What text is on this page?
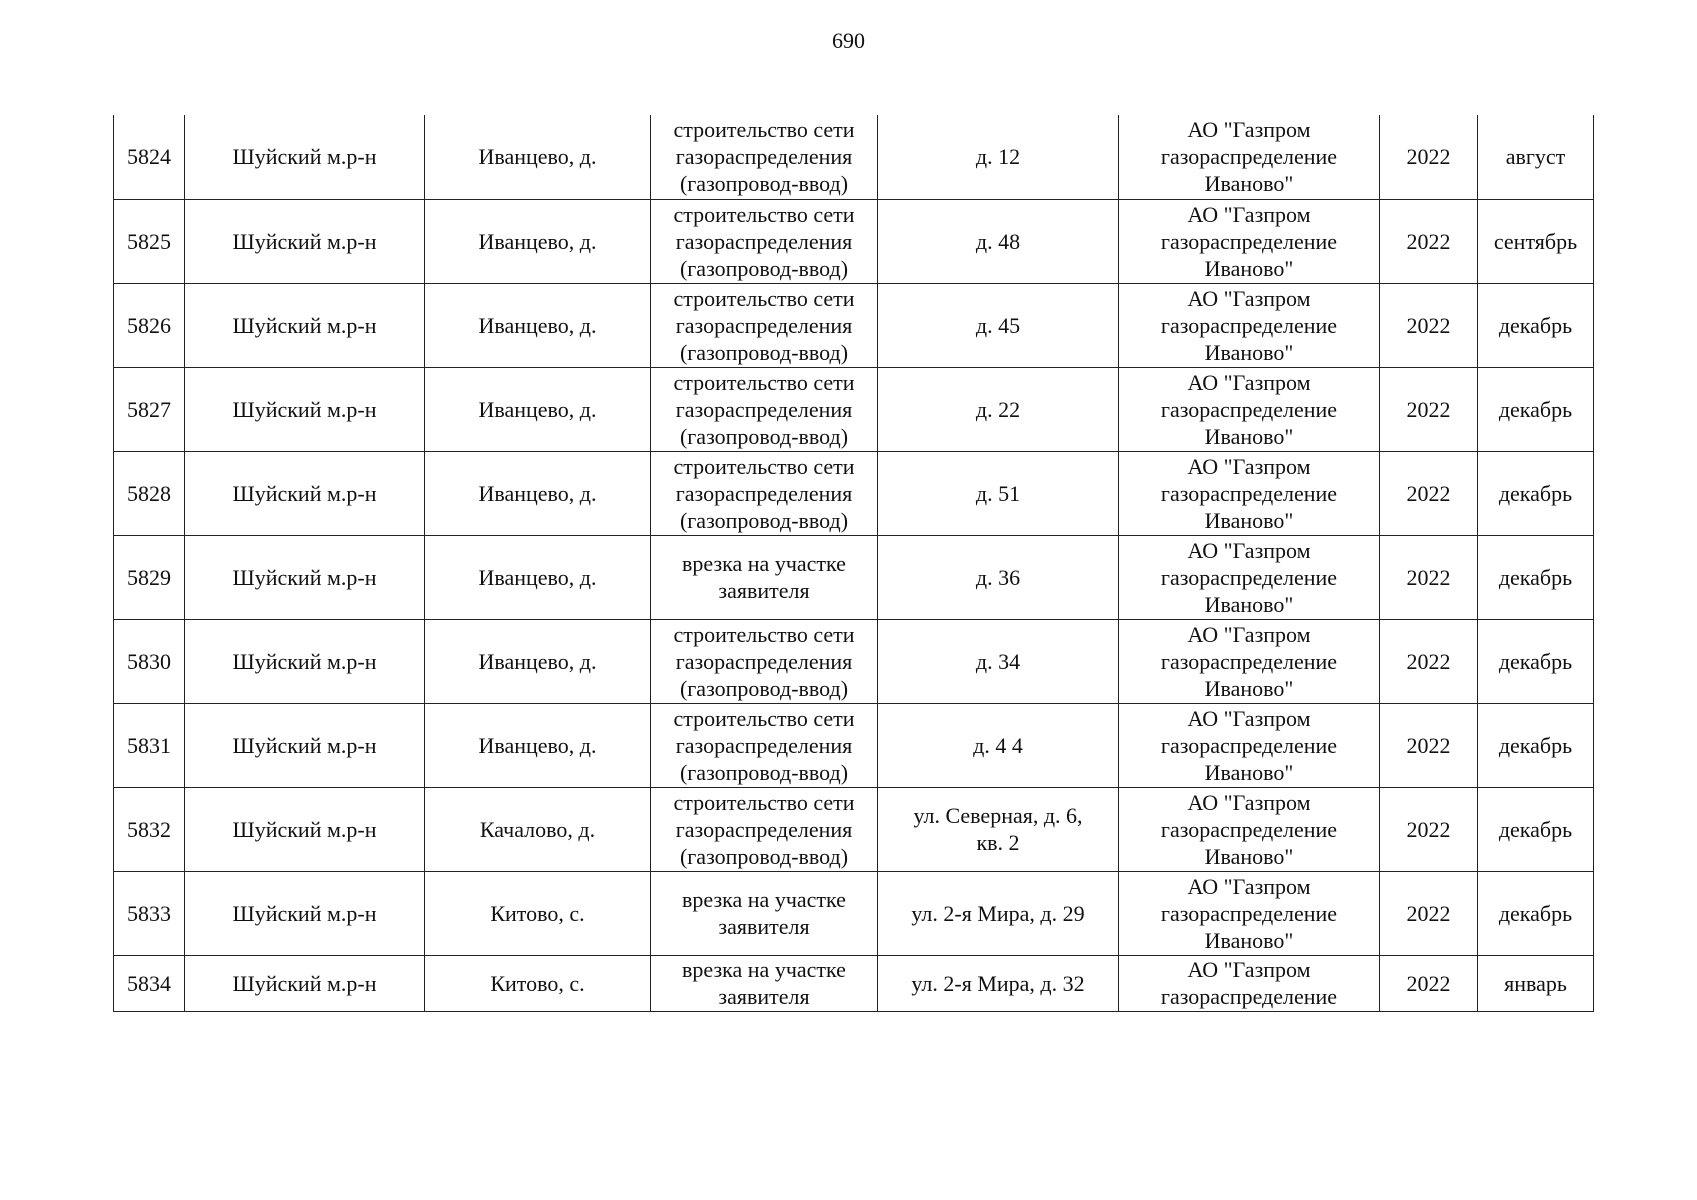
690
5824	Шуйский м.р-н	Иванцево, д.	строительство сети
газораспределения
(газопровод-ввод)	д. 12	АО "Газпром
газораспределение
Иваново"	2022	август
5825	Шуйский м.р-н	Иванцево, д.	строительство сети
газораспределения
(газопровод-ввод)	д. 48	АО "Газпром
газораспределение
Иваново"	2022	сентябрь
5826	Шуйский м.р-н	Иванцево, д.	строительство сети
газораспределения
(газопровод-ввод)	д. 45	АО "Газпром
газораспределение
Иваново"	2022	декабрь
5827	Шуйский м.р-н	Иванцево, д.	строительство сети
газораспределения
(газопровод-ввод)	д. 22	АО "Газпром
газораспределение
Иваново"	2022	декабрь
5828	Шуйский м.р-н	Иванцево, д.	строительство сети
газораспределения
(газопровод-ввод)	д. 51	АО "Газпром
газораспределение
Иваново"	2022	декабрь
5829	Шуйский м.р-н	Иванцево, д.	врезка на участке
заявителя	д. 36	АО "Газпром
газораспределение
Иваново"	2022	декабрь
5830	Шуйский м.р-н	Иванцево, д.	строительство сети
газораспределения
(газопровод-ввод)	д. 34	АО "Газпром
газораспределение
Иваново"	2022	декабрь
5831	Шуйский м.р-н	Иванцево, д.	строительство сети
газораспределения
(газопровод-ввод)	д. 4 4	АО "Газпром
газораспределение
Иваново"	2022	декабрь
5832	Шуйский м.р-н	Качалово, д.	строительство сети
газораспределения
(газопровод-ввод)	ул. Северная, д. 6,
кв. 2	АО "Газпром
газораспределение
Иваново"	2022	декабрь
5833	Шуйский м.р-н	Китово, с.	врезка на участке
заявителя	ул. 2-я Мира, д. 29	АО "Газпром
газораспределение
Иваново"	2022	декабрь
5834	Шуйский м.р-н	Китово, с.	врезка на участке
заявителя	ул. 2-я Мира, д. 32	АО "Газпром
газораспределение	2022	январь
